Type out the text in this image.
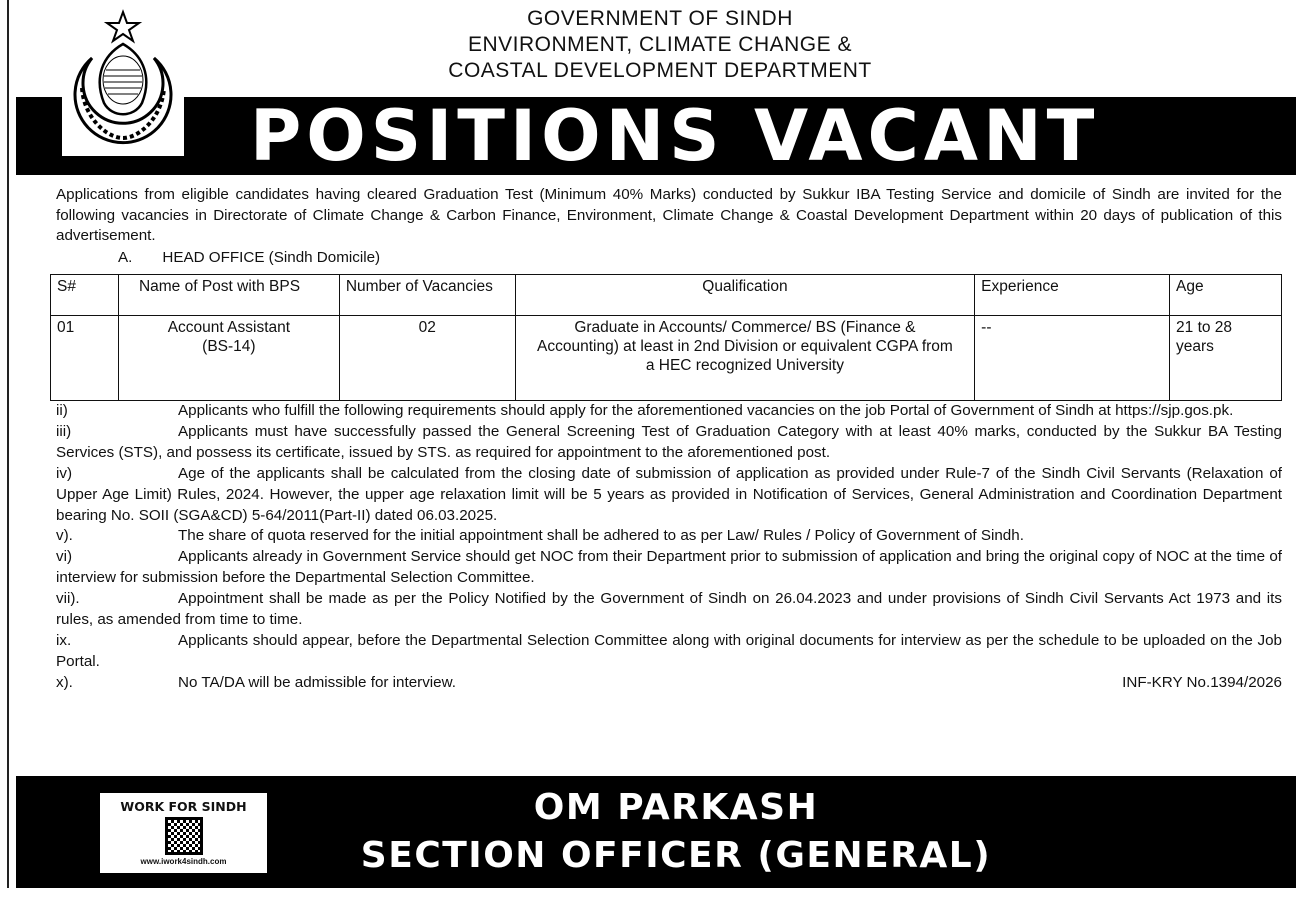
GOVERNMENT OF SINDH
ENVIRONMENT, CLIMATE CHANGE &
COASTAL DEVELOPMENT DEPARTMENT
POSITIONS VACANT
Applications from eligible candidates having cleared Graduation Test (Minimum 40% Marks) conducted by Sukkur IBA Testing Service and domicile of Sindh are invited for the following vacancies in Directorate of Climate Change & Carbon Finance, Environment, Climate Change & Coastal Development Department within 20 days of publication of this advertisement.
A. HEAD OFFICE (Sindh Domicile)
S#	Name of Post with BPS	Number of Vacancies	Qualification	Experience	Age
01	Account Assistant (BS-14)	02	Graduate in Accounts/ Commerce/ BS (Finance & Accounting) at least in 2nd Division or equivalent CGPA from a HEC recognized University	--	21 to 28 years
ii)	Applicants who fulfill the following requirements should apply for the aforementioned vacancies on the job Portal of Government of Sindh at https://sjp.gos.pk.
iii)	Applicants must have successfully passed the General Screening Test of Graduation Category with at least 40% marks, conducted by the Sukkur BA Testing Services (STS), and possess its certificate, issued by STS. as required for appointment to the aforementioned post.
iv)	Age of the applicants shall be calculated from the closing date of submission of application as provided under Rule-7 of the Sindh Civil Servants (Relaxation of Upper Age Limit) Rules, 2024. However, the upper age relaxation limit will be 5 years as provided in Notification of Services, General Administration and Coordination Department bearing No. SOII (SGA&CD) 5-64/2011(Part-II) dated 06.03.2025.
v).	The share of quota reserved for the initial appointment shall be adhered to as per Law/ Rules / Policy of Government of Sindh.
vi)	Applicants already in Government Service should get NOC from their Department prior to submission of application and bring the original copy of NOC at the time of interview for submission before the Departmental Selection Committee.
vii).	Appointment shall be made as per the Policy Notified by the Government of Sindh on 26.04.2023 and under provisions of Sindh Civil Servants Act 1973 and its rules, as amended from time to time.
ix.	Applicants should appear, before the Departmental Selection Committee along with original documents for interview as per the schedule to be uploaded on the Job Portal.
x).	No TA/DA will be admissible for interview.	INF-KRY No.1394/2026
WORK FOR SINDH
www.iwork4sindh.com
OM PARKASH
SECTION OFFICER (GENERAL)
